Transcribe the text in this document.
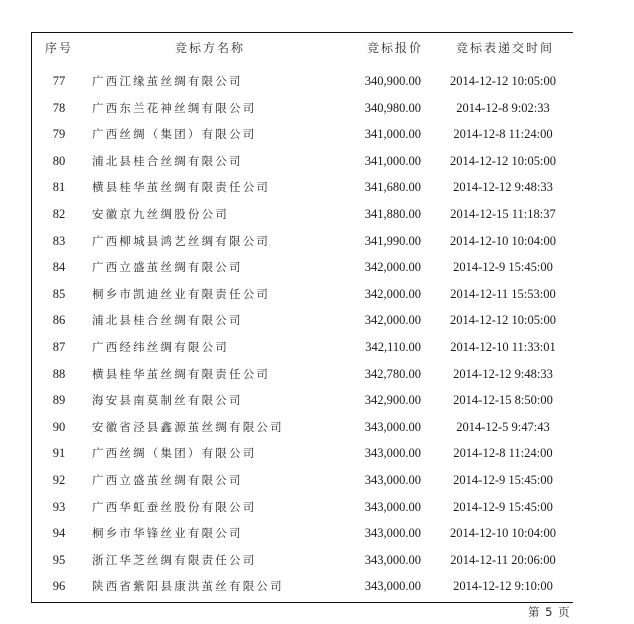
序号	竞标方名称	竞标报价	竞标表递交时间
77	广西江缘茧丝绸有限公司	340,900.00	2014-12-12 10:05:00
78	广西东兰花神丝绸有限公司	340,980.00	2014-12-8 9:02:33
79	广西丝绸（集团）有限公司	341,000.00	2014-12-8 11:24:00
80	浦北县桂合丝绸有限公司	341,000.00	2014-12-12 10:05:00
81	横县桂华茧丝绸有限责任公司	341,680.00	2014-12-12 9:48:33
82	安徽京九丝绸股份公司	341,880.00	2014-12-15 11:18:37
83	广西柳城县鸿艺丝绸有限公司	341,990.00	2014-12-10 10:04:00
84	广西立盛茧丝绸有限公司	342,000.00	2014-12-9 15:45:00
85	桐乡市凯迪丝业有限责任公司	342,000.00	2014-12-11 15:53:00
86	浦北县桂合丝绸有限公司	342,000.00	2014-12-12 10:05:00
87	广西经纬丝绸有限公司	342,110.00	2014-12-10 11:33:01
88	横县桂华茧丝绸有限责任公司	342,780.00	2014-12-12 9:48:33
89	海安县南莫制丝有限公司	342,900.00	2014-12-15 8:50:00
90	安徽省泾县鑫源茧丝绸有限公司	343,000.00	2014-12-5 9:47:43
91	广西丝绸（集团）有限公司	343,000.00	2014-12-8 11:24:00
92	广西立盛茧丝绸有限公司	343,000.00	2014-12-9 15:45:00
93	广西华虹蚕丝股份有限公司	343,000.00	2014-12-9 15:45:00
94	桐乡市华锋丝业有限公司	343,000.00	2014-12-10 10:04:00
95	浙江华芝丝绸有限责任公司	343,000.00	2014-12-11 20:06:00
96	陕西省紫阳县康洪茧丝有限公司	343,000.00	2014-12-12 9:10:00
第 5 页
